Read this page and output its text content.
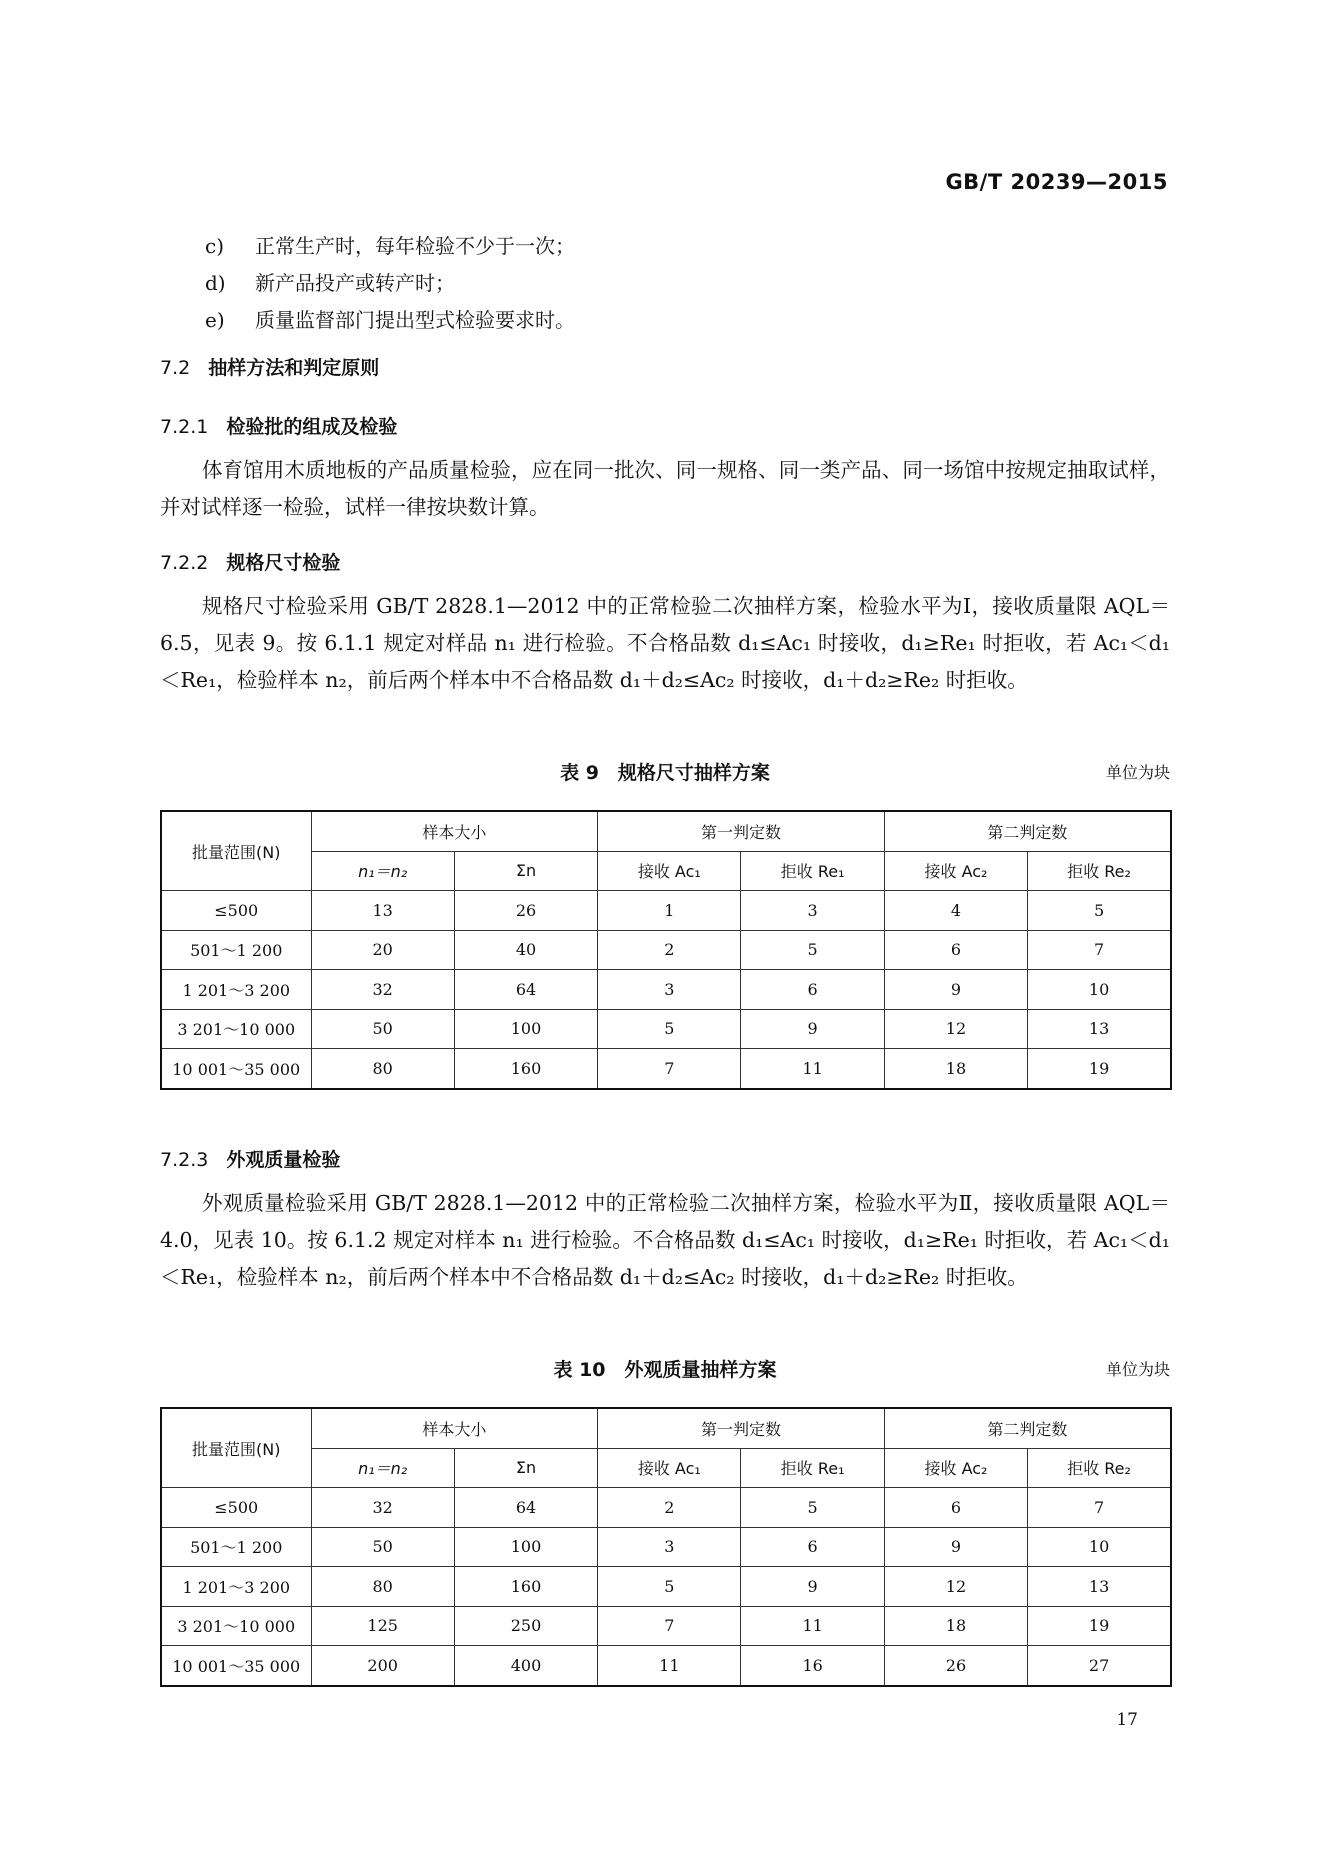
GB/T 20239—2015
c)	正常生产时，每年检验不少于一次；
d)	新产品投产或转产时；
e)	质量监督部门提出型式检验要求时。
7.2 抽样方法和判定原则
7.2.1 检验批的组成及检验
体育馆用木质地板的产品质量检验，应在同一批次、同一规格、同一类产品、同一场馆中按规定抽取试样，并对试样逐一检验，试样一律按块数计算。
7.2.2 规格尺寸检验
规格尺寸检验采用 GB/T 2828.1—2012 中的正常检验二次抽样方案，检验水平为Ⅰ，接收质量限 AQL＝6.5，见表 9。按 6.1.1 规定对样品 n₁ 进行检验。不合格品数 d₁≤Ac₁ 时接收，d₁≥Re₁ 时拒收，若 Ac₁＜d₁＜Re₁，检验样本 n₂，前后两个样本中不合格品数 d₁＋d₂≤Ac₂ 时接收，d₁＋d₂≥Re₂ 时拒收。
表 9　规格尺寸抽样方案	单位为块
批量范围(N)	样本大小		第一判定数		第二判定数	
	n₁＝n₂	Σn	接收 Ac₁	拒收 Re₁	接收 Ac₂	拒收 Re₂
≤500	13	26	1	3	4	5
501～1 200	20	40	2	5	6	7
1 201～3 200	32	64	3	6	9	10
3 201～10 000	50	100	5	9	12	13
10 001～35 000	80	160	7	11	18	19
7.2.3 外观质量检验
外观质量检验采用 GB/T 2828.1—2012 中的正常检验二次抽样方案，检验水平为Ⅱ，接收质量限 AQL＝4.0，见表 10。按 6.1.2 规定对样本 n₁ 进行检验。不合格品数 d₁≤Ac₁ 时接收，d₁≥Re₁ 时拒收，若 Ac₁＜d₁＜Re₁，检验样本 n₂，前后两个样本中不合格品数 d₁＋d₂≤Ac₂ 时接收，d₁＋d₂≥Re₂ 时拒收。
表 10　外观质量抽样方案	单位为块
批量范围(N)	样本大小		第一判定数		第二判定数	
	n₁＝n₂	Σn	接收 Ac₁	拒收 Re₁	接收 Ac₂	拒收 Re₂
≤500	32	64	2	5	6	7
501～1 200	50	100	3	6	9	10
1 201～3 200	80	160	5	9	12	13
3 201～10 000	125	250	7	11	18	19
10 001～35 000	200	400	11	16	26	27
17
